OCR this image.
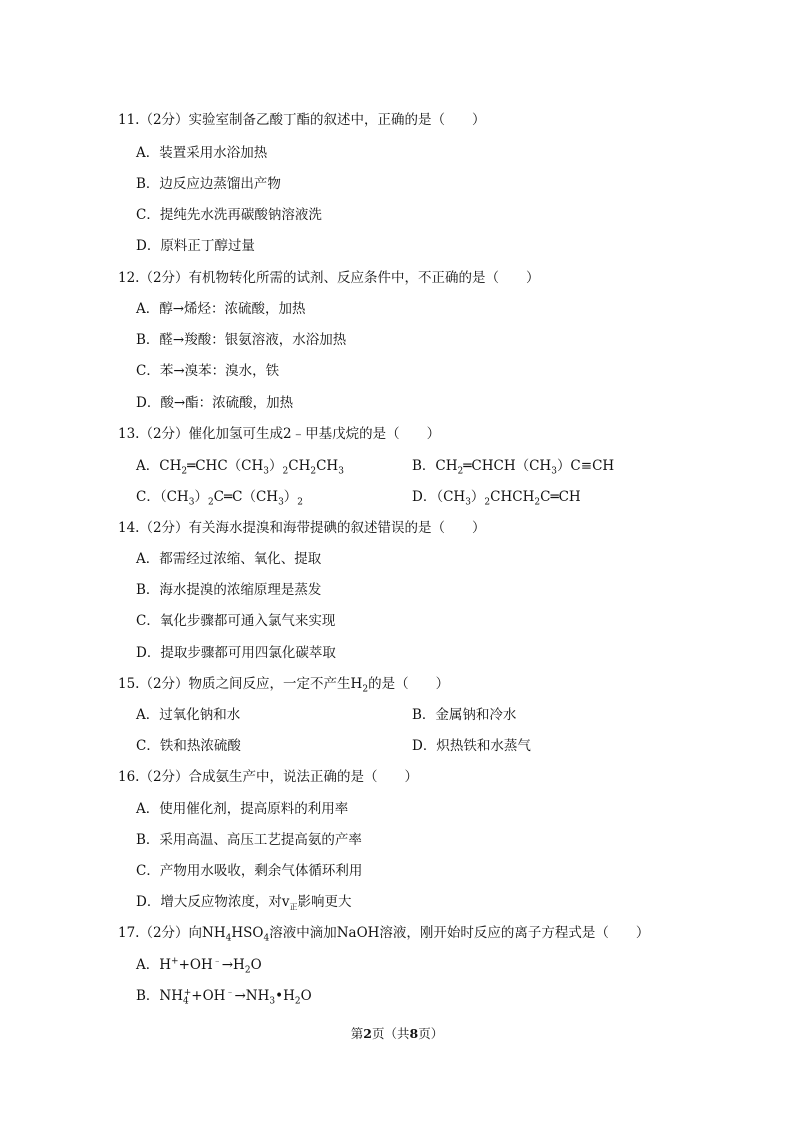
11.（2分）实验室制备乙酸丁酯的叙述中，正确的是（　　）
A．装置采用水浴加热
B．边反应边蒸馏出产物
C．提纯先水洗再碳酸钠溶液洗
D．原料正丁醇过量
12.（2分）有机物转化所需的试剂、反应条件中，不正确的是（　　）
A．醇→烯烃：浓硫酸，加热
B．醛→羧酸：银氨溶液，水浴加热
C．苯→溴苯：溴水，铁
D．酸→酯：浓硫酸，加热
13.（2分）催化加氢可生成2﹣甲基戊烷的是（　　）
A．$CH_2═CHC(CH_3)_2CH_2CH_3$	B．$CH_2═CHCH(CH_3)C\equiv CH$
C．$(CH_3)_2C═C(CH_3)_2$	D．$(CH_3)_2CHCH_2C═CH$
14.（2分）有关海水提溴和海带提碘的叙述错误的是（　　）
A．都需经过浓缩、氧化、提取
B．海水提溴的浓缩原理是蒸发
C．氧化步骤都可通入氯气来实现
D．提取步骤都可用四氯化碳萃取
15.（2分）物质之间反应，一定不产生$H_2$的是（　　）
A．过氧化钠和水	B．金属钠和冷水
C．铁和热浓硫酸	D．炽热铁和水蒸气
16.（2分）合成氨生产中，说法正确的是（　　）
A．使用催化剂，提高原料的利用率
B．采用高温、高压工艺提高氨的产率
C．产物用水吸收，剩余气体循环利用
D．增大反应物浓度，对$v_正$影响更大
17.（2分）向$NH_4HSO_4$溶液中滴加NaOH溶液，刚开始时反应的离子方程式是（　　）
A．$H^++OH^﹣\to H_2O$
B．$NH_4^++OH^﹣\to NH_3•H_2O$
第2页（共8页）
